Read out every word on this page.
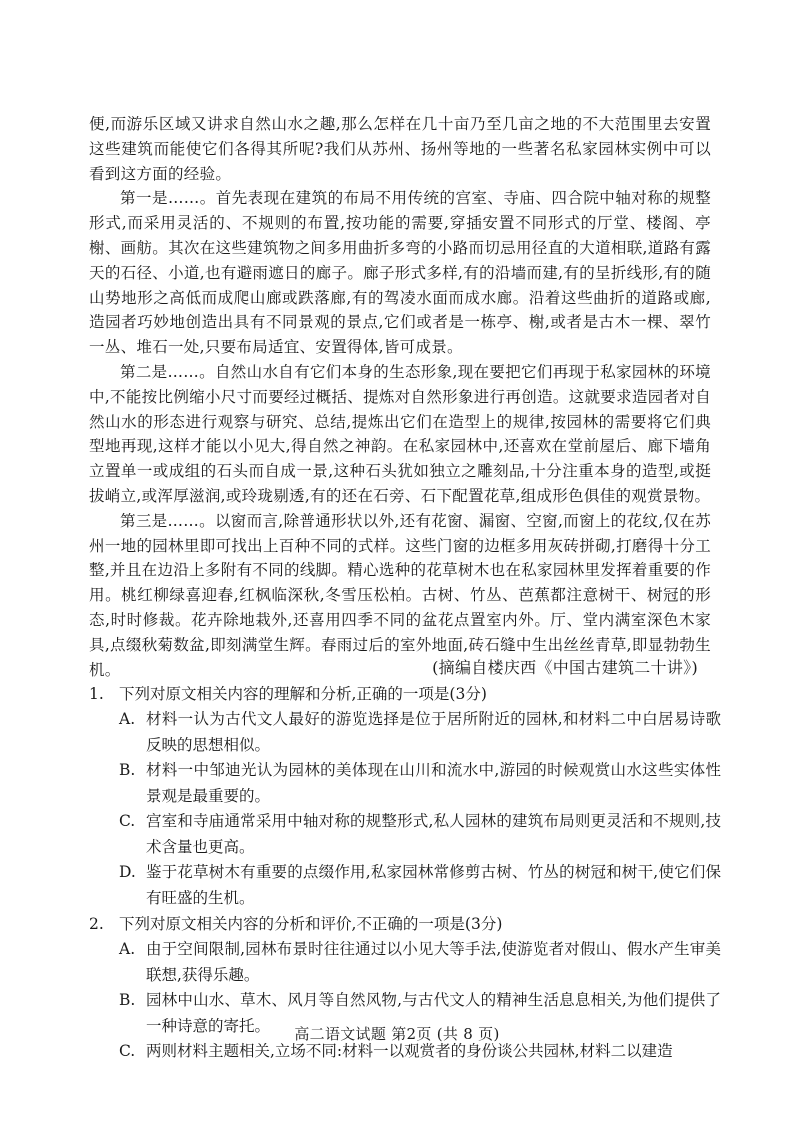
便,而游乐区域又讲求自然山水之趣,那么怎样在几十亩乃至几亩之地的不大范围里去安置这些建筑而能使它们各得其所呢?我们从苏州、扬州等地的一些著名私家园林实例中可以看到这方面的经验。

第一是……。首先表现在建筑的布局不用传统的宫室、寺庙、四合院中轴对称的规整形式,而采用灵活的、不规则的布置,按功能的需要,穿插安置不同形式的厅堂、楼阁、亭榭、画舫。其次在这些建筑物之间多用曲折多弯的小路而切忌用径直的大道相联,道路有露天的石径、小道,也有避雨遮日的廊子。廊子形式多样,有的沿墙而建,有的呈折线形,有的随山势地形之高低而成爬山廊或跌落廊,有的驾凌水面而成水廊。沿着这些曲折的道路或廊,造园者巧妙地创造出具有不同景观的景点,它们或者是一栋亭、榭,或者是古木一棵、翠竹一丛、堆石一处,只要布局适宜、安置得体,皆可成景。

第二是……。自然山水自有它们本身的生态形象,现在要把它们再现于私家园林的环境中,不能按比例缩小尺寸而要经过概括、提炼对自然形象进行再创造。这就要求造园者对自然山水的形态进行观察与研究、总结,提炼出它们在造型上的规律,按园林的需要将它们典型地再现,这样才能以小见大,得自然之神韵。在私家园林中,还喜欢在堂前屋后、廊下墙角立置单一或成组的石头而自成一景,这种石头犹如独立之雕刻品,十分注重本身的造型,或挺拔峭立,或浑厚滋润,或玲珑剔透,有的还在石旁、石下配置花草,组成形色俱佳的观赏景物。

第三是……。以窗而言,除普通形状以外,还有花窗、漏窗、空窗,而窗上的花纹,仅在苏州一地的园林里即可找出上百种不同的式样。这些门窗的边框多用灰砖拼砌,打磨得十分工整,并且在边沿上多附有不同的线脚。精心选种的花草树木也在私家园林里发挥着重要的作用。桃红柳绿喜迎春,红枫临深秋,冬雪压松柏。古树、竹丛、芭蕉都注意树干、树冠的形态,时时修裁。花卉除地栽外,还喜用四季不同的盆花点置室内外。厅、堂内满室深色木家具,点缀秋菊数盆,即刻满堂生辉。春雨过后的室外地面,砖石缝中生出丝丝青草,即显勃勃生机。	(摘编自楼庆西《中国古建筑二十讲》)
1. 下列对原文相关内容的理解和分析,正确的一项是(3分)
A. 材料一认为古代文人最好的游览选择是位于居所附近的园林,和材料二中白居易诗歌反映的思想相似。
B. 材料一中邹迪光认为园林的美体现在山川和流水中,游园的时候观赏山水这些实体性景观是最重要的。
C. 宫室和寺庙通常采用中轴对称的规整形式,私人园林的建筑布局则更灵活和不规则,技术含量也更高。
D. 鉴于花草树木有重要的点缀作用,私家园林常修剪古树、竹丛的树冠和树干,使它们保有旺盛的生机。
2. 下列对原文相关内容的分析和评价,不正确的一项是(3分)
A. 由于空间限制,园林布景时往往通过以小见大等手法,使游览者对假山、假水产生审美联想,获得乐趣。
B. 园林中山水、草木、风月等自然风物,与古代文人的精神生活息息相关,为他们提供了一种诗意的寄托。
C. 两则材料主题相关,立场不同:材料一以观赏者的身份谈公共园林,材料二以建造
高二语文试题 第2页 (共 8 页)
